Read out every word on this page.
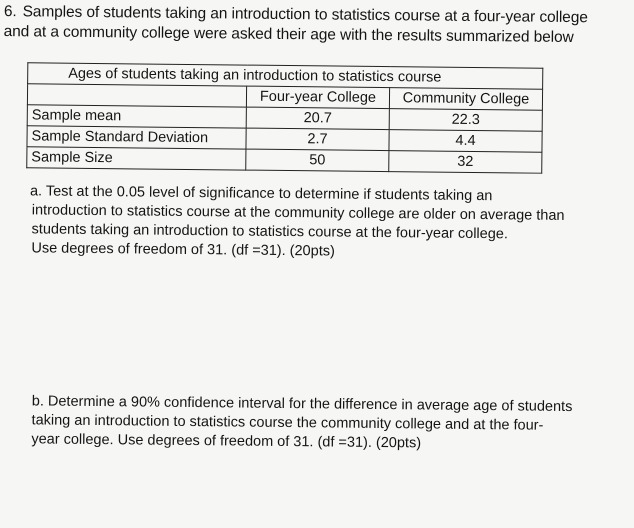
6. Samples of students taking an introduction to statistics course at a four-year college
and at a community college were asked their age with the results summarized below
Ages of students taking an introduction to statistics course		
	Four-year College	Community College
Sample mean	20.7	22.3
Sample Standard Deviation	2.7	4.4
Sample Size	50	32
a. Test at the 0.05 level of significance to determine if students taking an
introduction to statistics course at the community college are older on average than
students taking an introduction to statistics course at the four-year college.
Use degrees of freedom of 31. (df =31). (20pts)
b. Determine a 90% confidence interval for the difference in average age of students
taking an introduction to statistics course the community college and at the four-
year college. Use degrees of freedom of 31. (df =31). (20pts)
